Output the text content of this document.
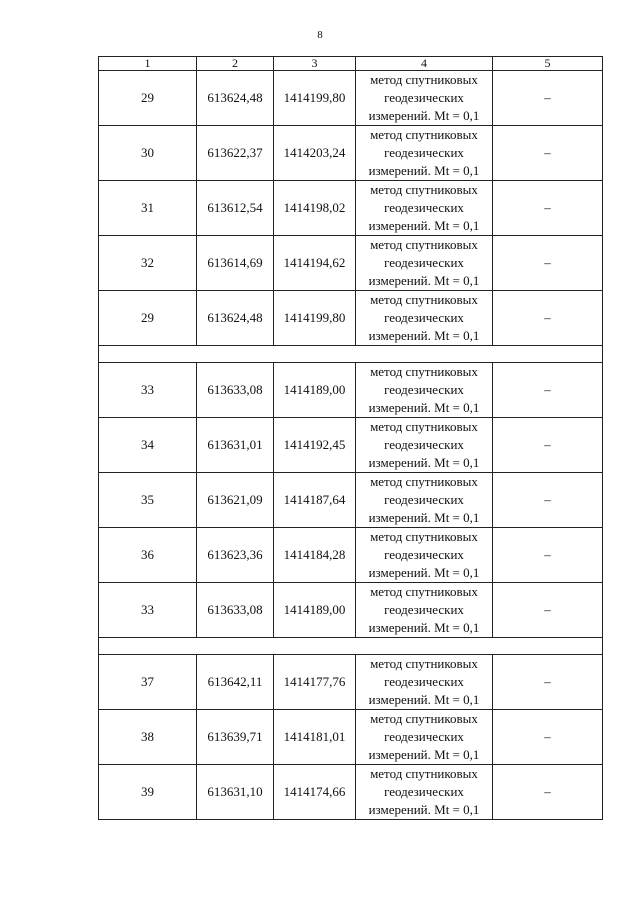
8
1	2	3	4	5
29	613624,48	1414199,80	метод спутниковых
геодезических
измерений. Mt = 0,1	–
30	613622,37	1414203,24	метод спутниковых
геодезических
измерений. Mt = 0,1	–
31	613612,54	1414198,02	метод спутниковых
геодезических
измерений. Mt = 0,1	–
32	613614,69	1414194,62	метод спутниковых
геодезических
измерений. Mt = 0,1	–
29	613624,48	1414199,80	метод спутниковых
геодезических
измерений. Mt = 0,1	–

33	613633,08	1414189,00	метод спутниковых
геодезических
измерений. Mt = 0,1	–
34	613631,01	1414192,45	метод спутниковых
геодезических
измерений. Mt = 0,1	–
35	613621,09	1414187,64	метод спутниковых
геодезических
измерений. Mt = 0,1	–
36	613623,36	1414184,28	метод спутниковых
геодезических
измерений. Mt = 0,1	–
33	613633,08	1414189,00	метод спутниковых
геодезических
измерений. Mt = 0,1	–

37	613642,11	1414177,76	метод спутниковых
геодезических
измерений. Mt = 0,1	–
38	613639,71	1414181,01	метод спутниковых
геодезических
измерений. Mt = 0,1	–
39	613631,10	1414174,66	метод спутниковых
геодезических
измерений. Mt = 0,1	–
